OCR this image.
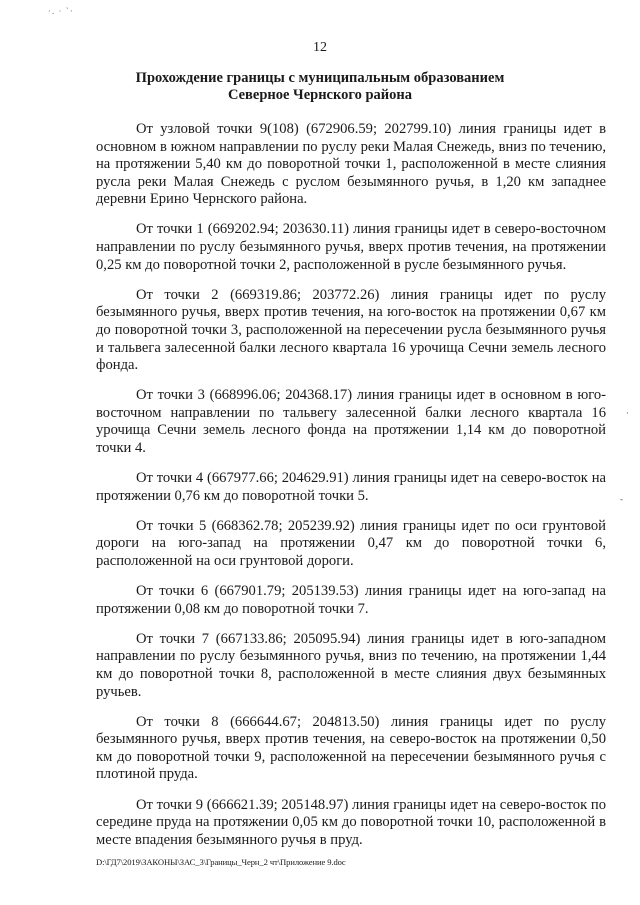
·. · `·
12
Прохождение границы с муниципальным образованием
Северное Чернского района

От узловой точки 9(108) (672906.59; 202799.10) линия границы идет в основном в южном направлении по руслу реки Малая Снежедь, вниз по течению, на протяжении 5,40 км до поворотной точки 1, расположенной в месте слияния русла реки Малая Снежедь с руслом безымянного ручья, в 1,20 км западнее деревни Ерино Чернского района.

От точки 1 (669202.94; 203630.11) линия границы идет в северо-восточном направлении по руслу безымянного ручья, вверх против течения, на протяжении 0,25 км до поворотной точки 2, расположенной в русле безымянного ручья.

От точки 2 (669319.86; 203772.26) линия границы идет по руслу безымянного ручья, вверх против течения, на юго-восток на протяжении 0,67 км до поворотной точки 3, расположенной на пересечении русла безымянного ручья и тальвега залесенной балки лесного квартала 16 урочища Сечни земель лесного фонда.

От точки 3 (668996.06; 204368.17) линия границы идет в основном в юго-восточном направлении по тальвегу залесенной балки лесного квартала 16 урочища Сечни земель лесного фонда на протяжении 1,14 км до поворотной точки 4.

От точки 4 (667977.66; 204629.91) линия границы идет на северо-восток на протяжении 0,76 км до поворотной точки 5.

От точки 5 (668362.78; 205239.92) линия границы идет по оси грунтовой дороги на юго-запад на протяжении 0,47 км до поворотной точки 6, расположенной на оси грунтовой дороги.

От точки 6 (667901.79; 205139.53) линия границы идет на юго-запад на протяжении 0,08 км до поворотной точки 7.

От точки 7 (667133.86; 205095.94) линия границы идет в юго-западном направлении по руслу безымянного ручья, вниз по течению, на протяжении 1,44 км до поворотной точки 8, расположенной в месте слияния двух безымянных ручьев.

От точки 8 (666644.67; 204813.50) линия границы идет по руслу безымянного ручья, вверх против течения, на северо-восток на протяжении 0,50 км до поворотной точки 9, расположенной на пересечении безымянного ручья с плотиной пруда.

От точки 9 (666621.39; 205148.97) линия границы идет на северо-восток по середине пруда на протяжении 0,05 км до поворотной точки 10, расположенной в месте впадения безымянного ручья в пруд.

-
·
D:\ГД7\2019\ЗАКОНЫ\ЗАС_3\Границы_Черн_2 чт\Приложение 9.doc
